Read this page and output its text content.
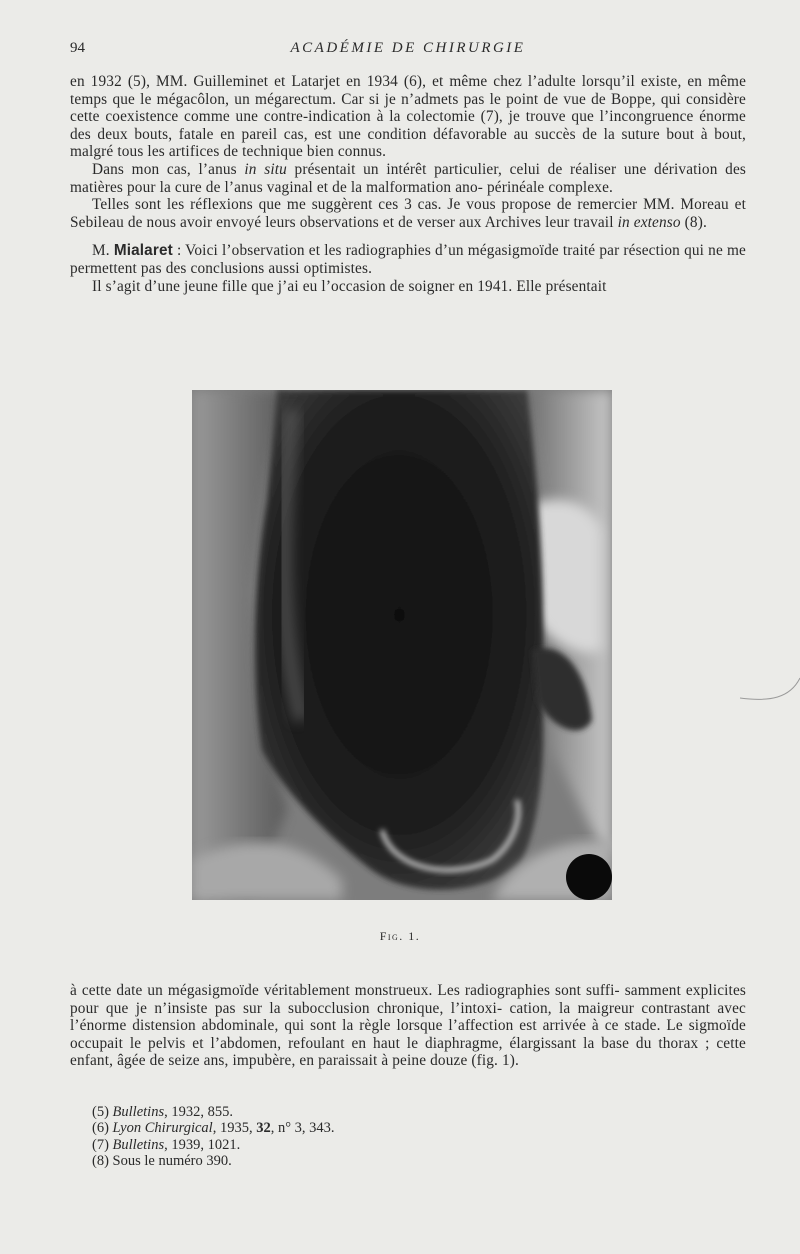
94	ACADÉMIE DE CHIRURGIE

en 1932 (5), MM. Guilleminet et Latarjet en 1934 (6), et même chez l’adulte lorsqu’il existe, en même temps que le mégacôlon, un mégarectum. Car si je n’admets pas le point de vue de Boppe, qui considère cette coexistence comme une contre-indication à la colectomie (7), je trouve que l’incongruence énorme des deux bouts, fatale en pareil cas, est une condition défavorable au succès de la suture bout à bout, malgré tous les artifices de technique bien connus.

Dans mon cas, l’anus in situ présentait un intérêt particulier, celui de réaliser une dérivation des matières pour la cure de l’anus vaginal et de la malformation ano- périnéale complexe.

Telles sont les réflexions que me suggèrent ces 3 cas. Je vous propose de remercier MM. Moreau et Sebileau de nous avoir envoyé leurs observations et de verser aux Archives leur travail in extenso (8).

M. Mialaret : Voici l’observation et les radiographies d’un mégasigmoïde traité par résection qui ne me permettent pas des conclusions aussi optimistes.

Il s’agit d’une jeune fille que j’ai eu l’occasion de soigner en 1941. Elle présentait

Fig. 1.

à cette date un mégasigmoïde véritablement monstrueux. Les radiographies sont suffi- samment explicites pour que je n’insiste pas sur la subocclusion chronique, l’intoxi- cation, la maigreur contrastant avec l’énorme distension abdominale, qui sont la règle lorsque l’affection est arrivée à ce stade. Le sigmoïde occupait le pelvis et l’abdomen, refoulant en haut le diaphragme, élargissant la base du thorax ; cette enfant, âgée de seize ans, impubère, en paraissait à peine douze (fig. 1).

(5) Bulletins, 1932, 855.

(6) Lyon Chirurgical, 1935, 32, n° 3, 343.

(7) Bulletins, 1939, 1021.

(8) Sous le numéro 390.
